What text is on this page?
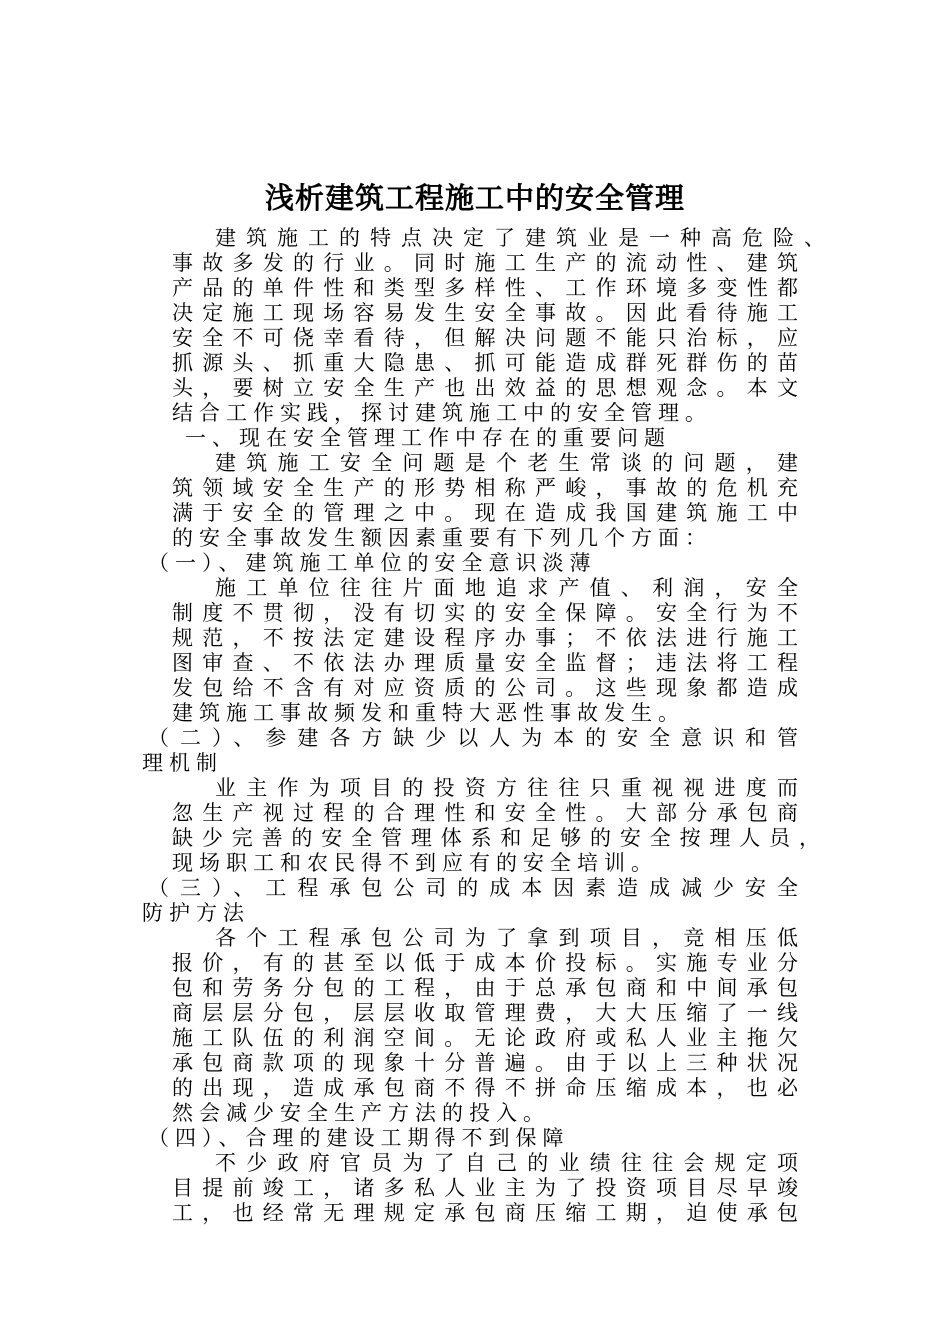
浅析建筑工程施工中的安全管理
建筑施工的特点决定了建筑业是一种高危险、
事故多发的行业。同时施工生产的流动性、建筑
产品的单件性和类型多样性、工作环境多变性都
决定施工现场容易发生安全事故。因此看待施工
安全不可侥幸看待，但解决问题不能只治标，应
抓源头、抓重大隐患、抓可能造成群死群伤的苗
头，要树立安全生产也出效益的思想观念。本文
结合工作实践，探讨建筑施工中的安全管理。
一、现在安全管理工作中存在的重要问题
建筑施工安全问题是个老生常谈的问题，建
筑领域安全生产的形势相称严峻，事故的危机充
满于安全的管理之中。现在造成我国建筑施工中
的安全事故发生额因素重要有下列几个方面：
（一）、建筑施工单位的安全意识淡薄
施工单位往往片面地追求产值、利润，安全
制度不贯彻，没有切实的安全保障。安全行为不
规范，不按法定建设程序办事；不依法进行施工
图审查、不依法办理质量安全监督；违法将工程
发包给不含有对应资质的公司。这些现象都造成
建筑施工事故频发和重特大恶性事故发生。
（二）、参建各方缺少以人为本的安全意识和管
理机制
业主作为项目的投资方往往只重视视进度而
忽生产视过程的合理性和安全性。大部分承包商
缺少完善的安全管理体系和足够的安全按理人员，
现场职工和农民得不到应有的安全培训。
（三）、工程承包公司的成本因素造成减少安全
防护方法
各个工程承包公司为了拿到项目，竞相压低
报价，有的甚至以低于成本价投标。实施专业分
包和劳务分包的工程，由于总承包商和中间承包
商层层分包，层层收取管理费，大大压缩了一线
施工队伍的利润空间。无论政府或私人业主拖欠
承包商款项的现象十分普遍。由于以上三种状况
的出现，造成承包商不得不拼命压缩成本，也必
然会减少安全生产方法的投入。
（四）、合理的建设工期得不到保障
不少政府官员为了自己的业绩往往会规定项
目提前竣工，诸多私人业主为了投资项目尽早竣
工，也经常无理规定承包商压缩工期，迫使承包
